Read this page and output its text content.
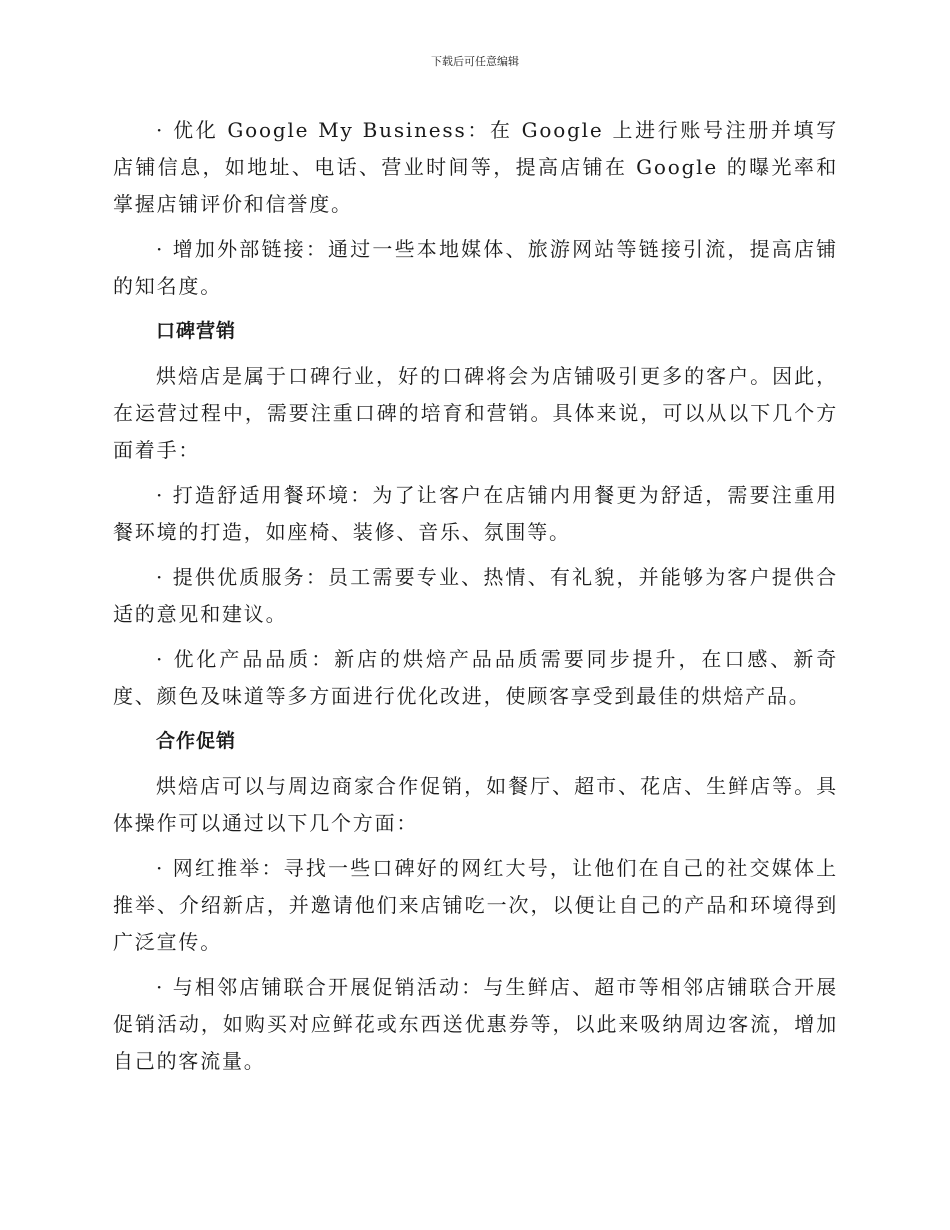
下载后可任意编辑

· 优化 Google My Business：在 Google 上进行账号注册并填写店铺信息，如地址、电话、营业时间等，提高店铺在 Google 的曝光率和掌握店铺评价和信誉度。

· 增加外部链接：通过一些本地媒体、旅游网站等链接引流，提高店铺的知名度。

口碑营销

烘焙店是属于口碑行业，好的口碑将会为店铺吸引更多的客户。因此，在运营过程中，需要注重口碑的培育和营销。具体来说，可以从以下几个方面着手：

· 打造舒适用餐环境：为了让客户在店铺内用餐更为舒适，需要注重用餐环境的打造，如座椅、装修、音乐、氛围等。

· 提供优质服务：员工需要专业、热情、有礼貌，并能够为客户提供合适的意见和建议。

· 优化产品品质：新店的烘焙产品品质需要同步提升，在口感、新奇度、颜色及味道等多方面进行优化改进，使顾客享受到最佳的烘焙产品。

合作促销

烘焙店可以与周边商家合作促销，如餐厅、超市、花店、生鲜店等。具体操作可以通过以下几个方面：

· 网红推举：寻找一些口碑好的网红大号，让他们在自己的社交媒体上推举、介绍新店，并邀请他们来店铺吃一次，以便让自己的产品和环境得到广泛宣传。

· 与相邻店铺联合开展促销活动：与生鲜店、超市等相邻店铺联合开展促销活动，如购买对应鲜花或东西送优惠券等，以此来吸纳周边客流，增加自己的客流量。
